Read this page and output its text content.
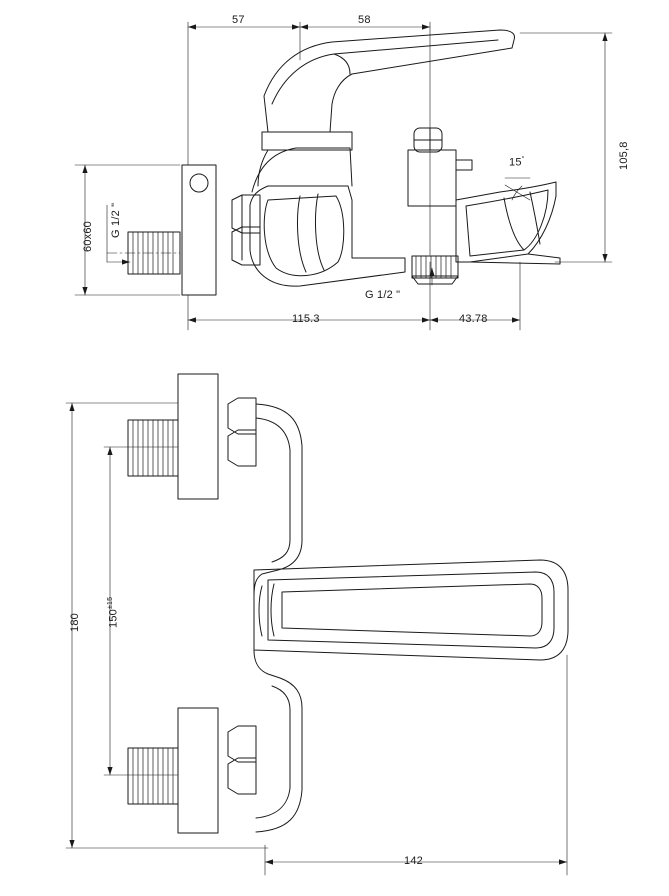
57	58
105,8
60x60 G 1/2 "
G 1/2 "
15°
115.3	43.78
180 $150^{\pm 15}$
142
